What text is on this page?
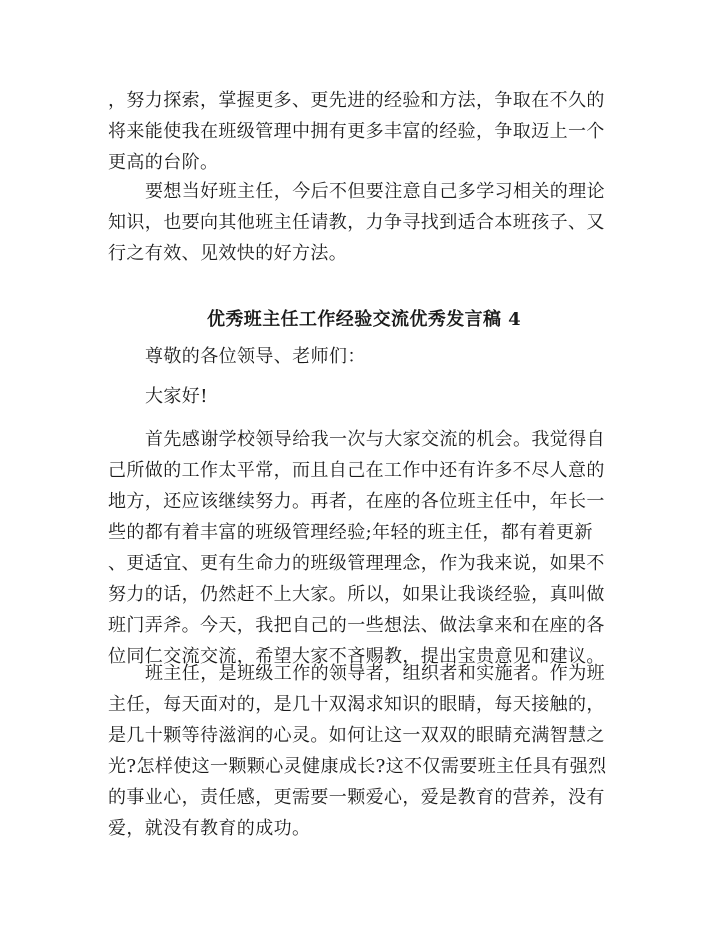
，努力探索，掌握更多、更先进的经验和方法，争取在不久的
将来能使我在班级管理中拥有更多丰富的经验，争取迈上一个
更高的台阶。
要想当好班主任，今后不但要注意自己多学习相关的理论
知识，也要向其他班主任请教，力争寻找到适合本班孩子、又
行之有效、见效快的好方法。
优秀班主任工作经验交流优秀发言稿 4
尊敬的各位领导、老师们：
大家好!
首先感谢学校领导给我一次与大家交流的机会。我觉得自
己所做的工作太平常，而且自己在工作中还有许多不尽人意的
地方，还应该继续努力。再者，在座的各位班主任中，年长一
些的都有着丰富的班级管理经验;年轻的班主任，都有着更新
、更适宜、更有生命力的班级管理理念，作为我来说，如果不
努力的话，仍然赶不上大家。所以，如果让我谈经验，真叫做
班门弄斧。今天，我把自己的一些想法、做法拿来和在座的各
位同仁交流交流，希望大家不吝赐教，提出宝贵意见和建议。
班主任，是班级工作的领导者，组织者和实施者。作为班
主任，每天面对的，是几十双渴求知识的眼睛，每天接触的，
是几十颗等待滋润的心灵。如何让这一双双的眼睛充满智慧之
光?怎样使这一颗颗心灵健康成长?这不仅需要班主任具有强烈
的事业心，责任感，更需要一颗爱心，爱是教育的营养，没有
爱，就没有教育的成功。
